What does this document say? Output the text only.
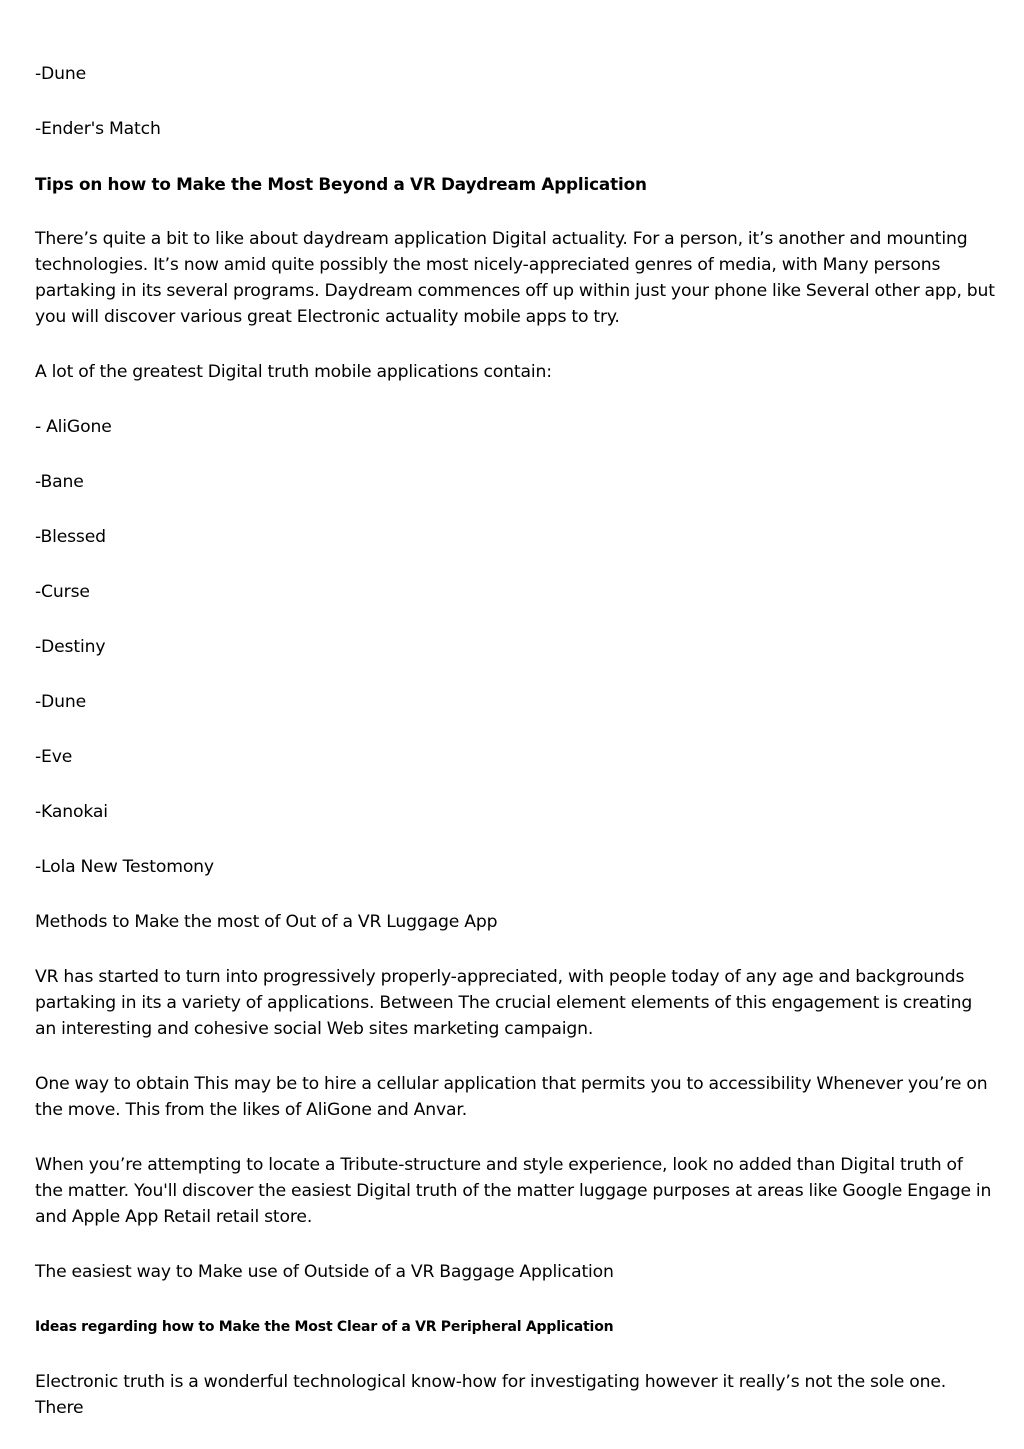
-Dune

-Ender's Match

Tips on how to Make the Most Beyond a VR Daydream Application

There’s quite a bit to like about daydream application Digital actuality. For a person, it’s another and mounting technologies. It’s now amid quite possibly the most nicely-appreciated genres of media, with Many persons partaking in its several programs. Daydream commences off up within just your phone like Several other app, but you will discover various great Electronic actuality mobile apps to try.

A lot of the greatest Digital truth mobile applications contain:

- AliGone

-Bane

-Blessed

-Curse

-Destiny

-Dune

-Eve

-Kanokai

-Lola New Testomony

Methods to Make the most of Out of a VR Luggage App

VR has started to turn into progressively properly-appreciated, with people today of any age and backgrounds partaking in its a variety of applications. Between The crucial element elements of this engagement is creating an interesting and cohesive social Web sites marketing campaign.

One way to obtain This may be to hire a cellular application that permits you to accessibility Whenever you’re on the move. This from the likes of AliGone and Anvar.

When you’re attempting to locate a Tribute-structure and style experience, look no added than Digital truth of the matter. You'll discover the easiest Digital truth of the matter luggage purposes at areas like Google Engage in and Apple App Retail retail store.

The easiest way to Make use of Outside of a VR Baggage Application

Ideas regarding how to Make the Most Clear of a VR Peripheral Application

Electronic truth is a wonderful technological know-how for investigating however it really’s not the sole one. There
